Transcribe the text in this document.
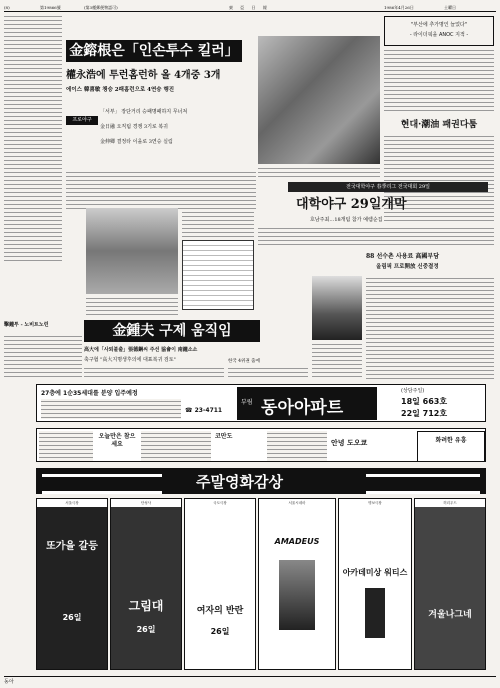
(8)	第19866號	(第3種郵便物認可)	東 亞 日 報	1986年4月26日	土曜日
金鎔根은「인손투수 킬러」
權永浩에 투런홈런하 올 4개중 3개
에이스 韓喜敏 챙승 2패홈런으로 4연승 행진
프로야구
「서부」 장단거리 승패명패하지 무너져
金日融 오직팀 경쟁 3기로 복귀
金伸卿 결정타 이을로 3연승 실림
"부산에 추가명인 늘었다"
- 라이더픽을 ANOC 지적 -
현대·潮油 패권다툼
전국대학야구 春季리그 전국대회 29일
대학야구 29일개막
호남주최…18개팀 참가 예렘순집
88 선수촌 사용료 高國부담
올림픽 프로開放 신중결정
金鍾夫 구제 움직임
高大에「사퇴불출」張德鋼씨 주선 協會이 南鐘소소
축구협 "高大지명생후의에 대표복귀 검토"	한국 4위권 출예
擊鐘투 - 노비트노런
27층에 1순35세대를 분양 입주예정
☎ 23-4711
부림 동아아파트
(상담주일)
18일 663호
22일 712호
오늘만은 참으세요
코만도
안녕 도오쿄	화려한 유흥
주말영화감상
서울극장
또가을 갈등
26일
단성사
그림대
26일
국도극장
여자의 반란
26일
서울시네마
AMADEUS
명보극장
아카데미상 워티스
허리우드
겨울나그네
동아
